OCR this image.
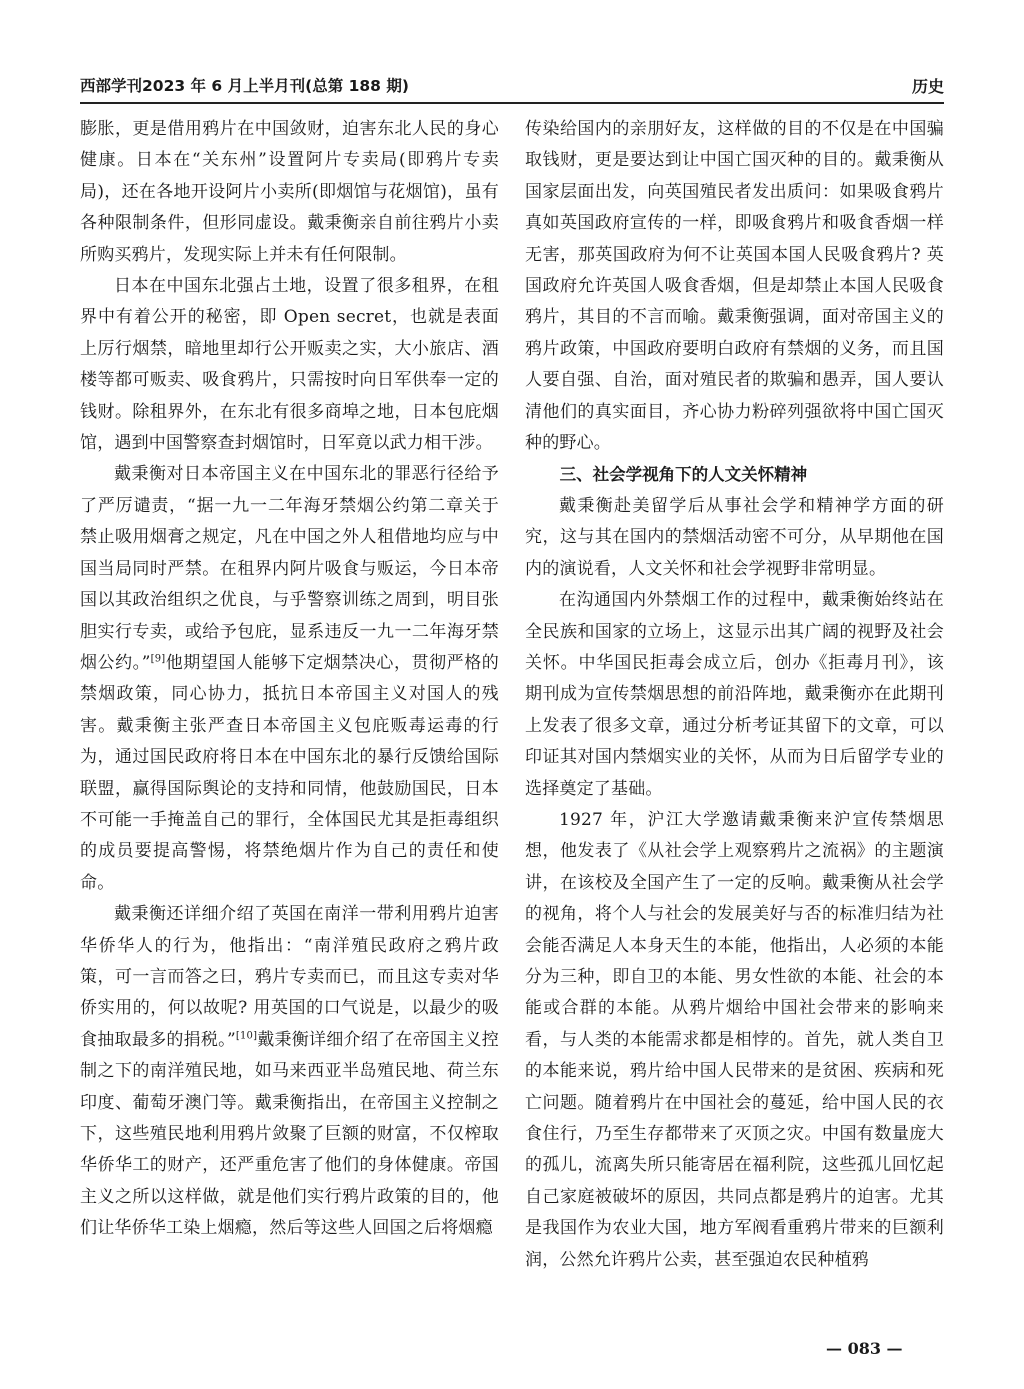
西部学刊2023 年 6 月上半月刊(总第 188 期)	历史

膨胀，更是借用鸦片在中国敛财，迫害东北人民的身心健康。日本在“关东州”设置阿片专卖局(即鸦片专卖局)，还在各地开设阿片小卖所(即烟馆与花烟馆)，虽有各种限制条件，但形同虚设。戴秉衡亲自前往鸦片小卖所购买鸦片，发现实际上并未有任何限制。

日本在中国东北强占土地，设置了很多租界，在租界中有着公开的秘密，即 Open secret，也就是表面上厉行烟禁，暗地里却行公开贩卖之实，大小旅店、酒楼等都可贩卖、吸食鸦片，只需按时向日军供奉一定的钱财。除租界外，在东北有很多商埠之地，日本包庇烟馆，遇到中国警察查封烟馆时，日军竟以武力相干涉。

戴秉衡对日本帝国主义在中国东北的罪恶行径给予了严厉谴责，“据一九一二年海牙禁烟公约第二章关于禁止吸用烟膏之规定，凡在中国之外人租借地均应与中国当局同时严禁。在租界内阿片吸食与贩运，今日本帝国以其政治组织之优良，与乎警察训练之周到，明目张胆实行专卖，或给予包庇，显系违反一九一二年海牙禁烟公约。”[9]他期望国人能够下定烟禁决心，贯彻严格的禁烟政策，同心协力，抵抗日本帝国主义对国人的残害。戴秉衡主张严查日本帝国主义包庇贩毒运毒的行为，通过国民政府将日本在中国东北的暴行反馈给国际联盟，赢得国际舆论的支持和同情，他鼓励国民，日本不可能一手掩盖自己的罪行，全体国民尤其是拒毒组织的成员要提高警惕，将禁绝烟片作为自己的责任和使命。

戴秉衡还详细介绍了英国在南洋一带利用鸦片迫害华侨华人的行为，他指出：“南洋殖民政府之鸦片政策，可一言而答之曰，鸦片专卖而已，而且这专卖对华侨实用的，何以故呢? 用英国的口气说是，以最少的吸食抽取最多的捐税。”[10]戴秉衡详细介绍了在帝国主义控制之下的南洋殖民地，如马来西亚半岛殖民地、荷兰东印度、葡萄牙澳门等。戴秉衡指出，在帝国主义控制之下，这些殖民地利用鸦片敛聚了巨额的财富，不仅榨取华侨华工的财产，还严重危害了他们的身体健康。帝国主义之所以这样做，就是他们实行鸦片政策的目的，他们让华侨华工染上烟瘾，然后等这些人回国之后将烟瘾

传染给国内的亲朋好友，这样做的目的不仅是在中国骗取钱财，更是要达到让中国亡国灭种的目的。戴秉衡从国家层面出发，向英国殖民者发出质问：如果吸食鸦片真如英国政府宣传的一样，即吸食鸦片和吸食香烟一样无害，那英国政府为何不让英国本国人民吸食鸦片? 英国政府允许英国人吸食香烟，但是却禁止本国人民吸食鸦片，其目的不言而喻。戴秉衡强调，面对帝国主义的鸦片政策，中国政府要明白政府有禁烟的义务，而且国人要自强、自治，面对殖民者的欺骗和愚弄，国人要认清他们的真实面目，齐心协力粉碎列强欲将中国亡国灭种的野心。

三、社会学视角下的人文关怀精神

戴秉衡赴美留学后从事社会学和精神学方面的研究，这与其在国内的禁烟活动密不可分，从早期他在国内的演说看，人文关怀和社会学视野非常明显。

在沟通国内外禁烟工作的过程中，戴秉衡始终站在全民族和国家的立场上，这显示出其广阔的视野及社会关怀。中华国民拒毒会成立后，创办《拒毒月刊》，该期刊成为宣传禁烟思想的前沿阵地，戴秉衡亦在此期刊上发表了很多文章，通过分析考证其留下的文章，可以印证其对国内禁烟实业的关怀，从而为日后留学专业的选择奠定了基础。

1927 年，沪江大学邀请戴秉衡来沪宣传禁烟思想，他发表了《从社会学上观察鸦片之流祸》的主题演讲，在该校及全国产生了一定的反响。戴秉衡从社会学的视角，将个人与社会的发展美好与否的标准归结为社会能否满足人本身天生的本能，他指出，人必须的本能分为三种，即自卫的本能、男女性欲的本能、社会的本能或合群的本能。从鸦片烟给中国社会带来的影响来看，与人类的本能需求都是相悖的。首先，就人类自卫的本能来说，鸦片给中国人民带来的是贫困、疾病和死亡问题。随着鸦片在中国社会的蔓延，给中国人民的衣食住行，乃至生存都带来了灭顶之灾。中国有数量庞大的孤儿，流离失所只能寄居在福利院，这些孤儿回忆起自己家庭被破坏的原因，共同点都是鸦片的迫害。尤其是我国作为农业大国，地方军阀看重鸦片带来的巨额利润，公然允许鸦片公卖，甚至强迫农民种植鸦

— 083 —
